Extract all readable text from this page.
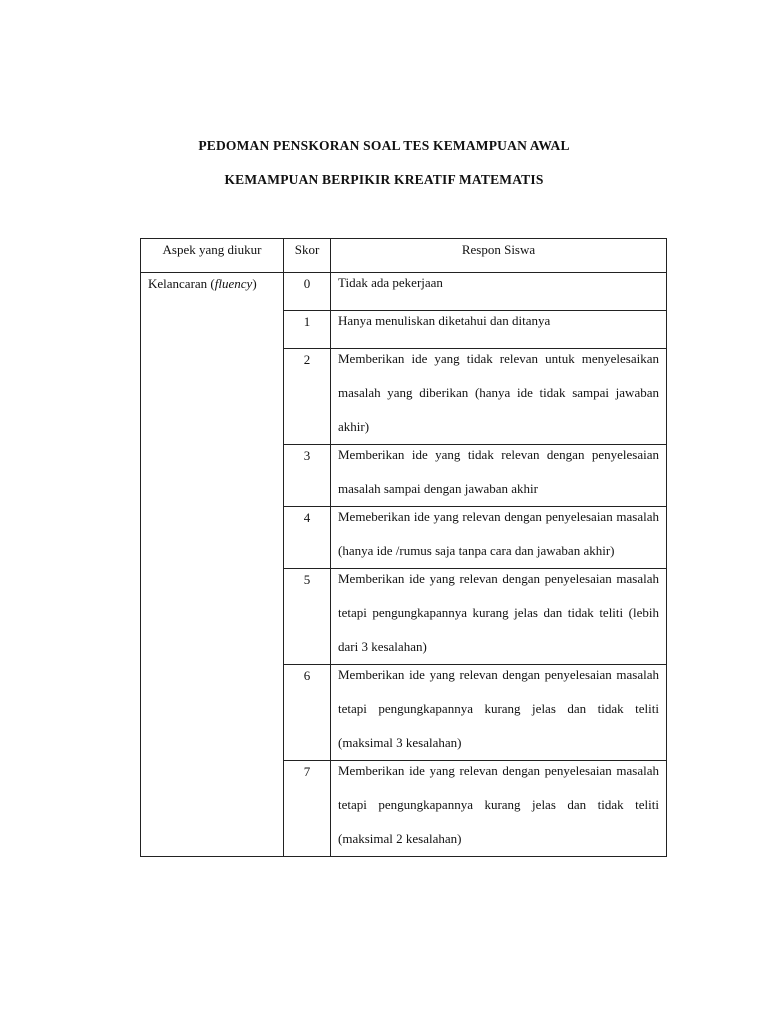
PEDOMAN PENSKORAN SOAL TES KEMAMPUAN AWAL

KEMAMPUAN BERPIKIR KREATIF MATEMATIS

Aspek yang diukur	Skor	Respon Siswa
Kelancaran (fluency)	0	Tidak ada pekerjaan

	1	Hanya menuliskan diketahui dan ditanya

	2	Memberikan ide yang tidak relevan untuk menyelesaikan masalah yang diberikan (hanya ide tidak sampai jawaban akhir)

	3	Memberikan ide yang tidak relevan dengan penyelesaian masalah sampai dengan jawaban akhir

	4	Memeberikan ide yang relevan dengan penyelesaian masalah (hanya ide /rumus saja tanpa cara dan jawaban akhir)

	5	Memberikan ide yang relevan dengan penyelesaian masalah tetapi pengungkapannya kurang jelas dan tidak teliti (lebih dari 3 kesalahan)

	6	Memberikan ide yang relevan dengan penyelesaian masalah tetapi pengungkapannya kurang jelas dan tidak teliti (maksimal 3 kesalahan)

	7	Memberikan ide yang relevan dengan penyelesaian masalah tetapi pengungkapannya kurang jelas dan tidak teliti (maksimal 2 kesalahan)
